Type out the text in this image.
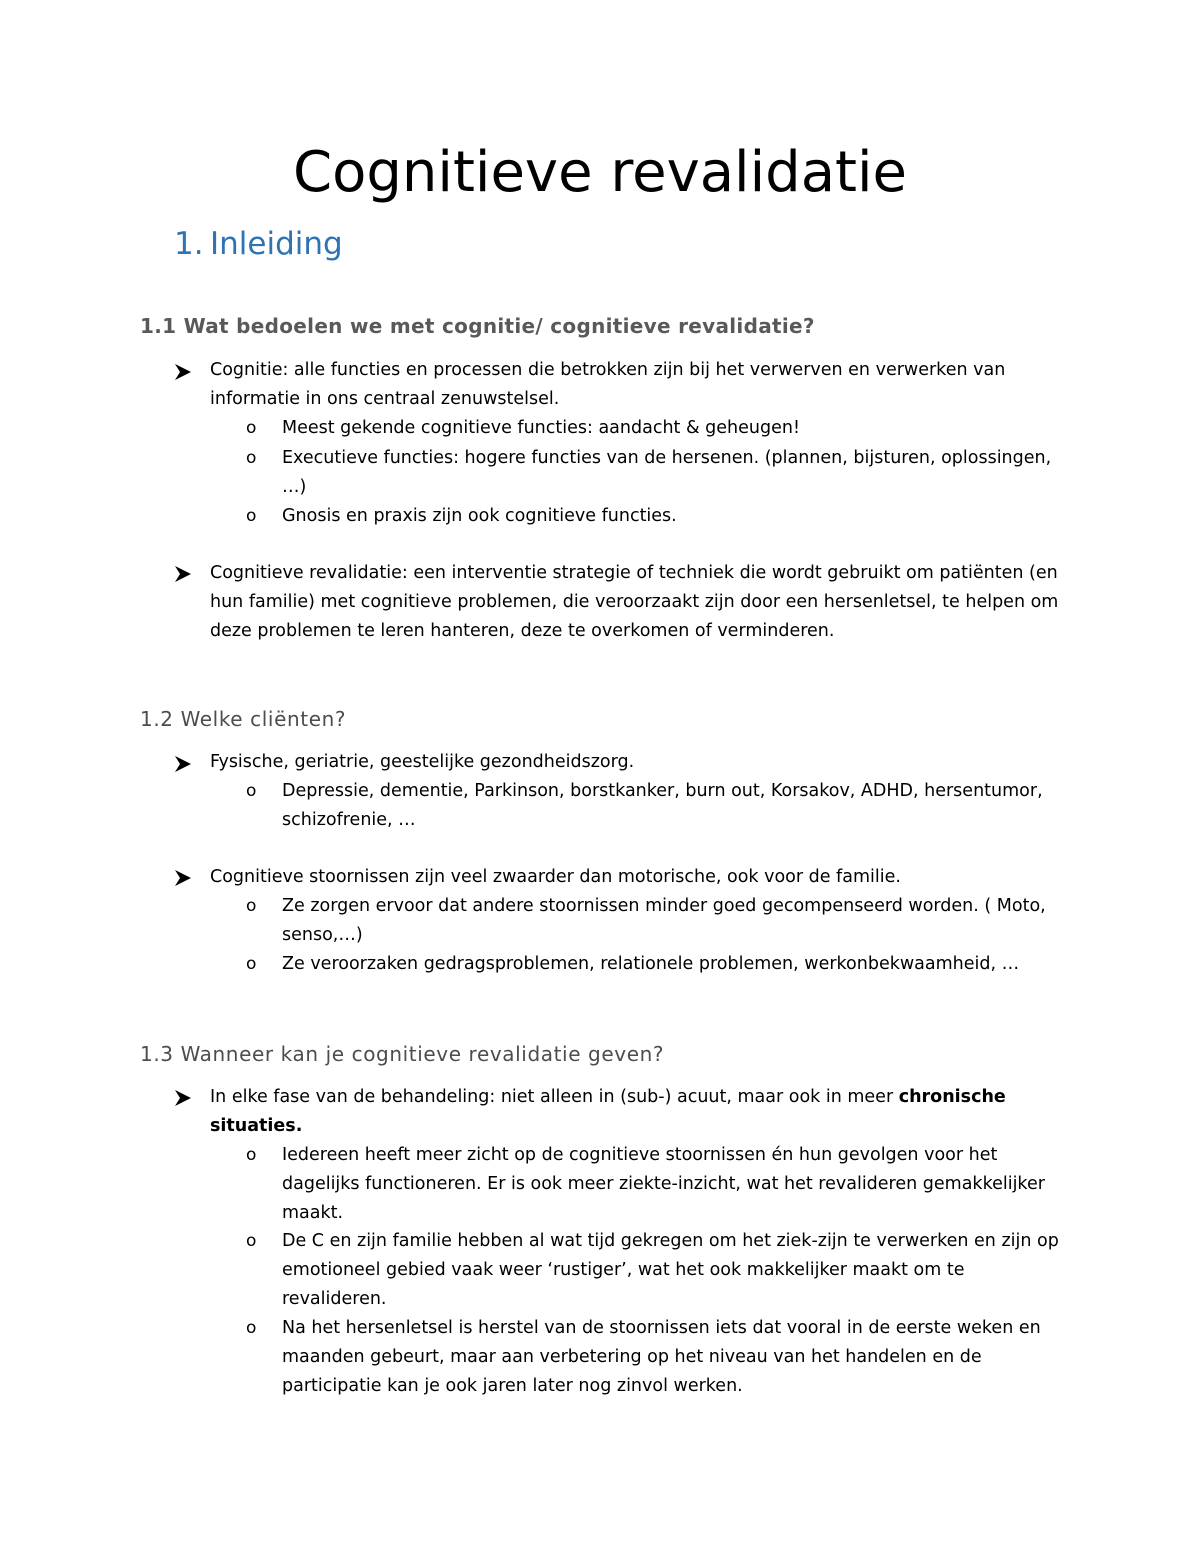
Cognitieve revalidatie
1. Inleiding
1.1 Wat bedoelen we met cognitie/ cognitieve revalidatie?
Cognitie: alle functies en processen die betrokken zijn bij het verwerven en verwerken van
informatie in ons centraal zenuwstelsel.
o Meest gekende cognitieve functies: aandacht & geheugen!
o Executieve functies: hogere functies van de hersenen. (plannen, bijsturen, oplossingen,
…)
o Gnosis en praxis zijn ook cognitieve functies.
Cognitieve revalidatie: een interventie strategie of techniek die wordt gebruikt om patiënten (en
hun familie) met cognitieve problemen, die veroorzaakt zijn door een hersenletsel, te helpen om
deze problemen te leren hanteren, deze te overkomen of verminderen.
1.2 Welke cliënten?
Fysische, geriatrie, geestelijke gezondheidszorg.
o Depressie, dementie, Parkinson, borstkanker, burn out, Korsakov, ADHD, hersentumor,
schizofrenie, …
Cognitieve stoornissen zijn veel zwaarder dan motorische, ook voor de familie.
o Ze zorgen ervoor dat andere stoornissen minder goed gecompenseerd worden. ( Moto,
senso,…)
o Ze veroorzaken gedragsproblemen, relationele problemen, werkonbekwaamheid, …
1.3 Wanneer kan je cognitieve revalidatie geven?
In elke fase van de behandeling: niet alleen in (sub-) acuut, maar ook in meer chronische
situaties.
o Iedereen heeft meer zicht op de cognitieve stoornissen én hun gevolgen voor het
dagelijks functioneren. Er is ook meer ziekte-inzicht, wat het revalideren gemakkelijker
maakt.
o De C en zijn familie hebben al wat tijd gekregen om het ziek-zijn te verwerken en zijn op
emotioneel gebied vaak weer ‘rustiger’, wat het ook makkelijker maakt om te
revalideren.
o Na het hersenletsel is herstel van de stoornissen iets dat vooral in de eerste weken en
maanden gebeurt, maar aan verbetering op het niveau van het handelen en de
participatie kan je ook jaren later nog zinvol werken.
